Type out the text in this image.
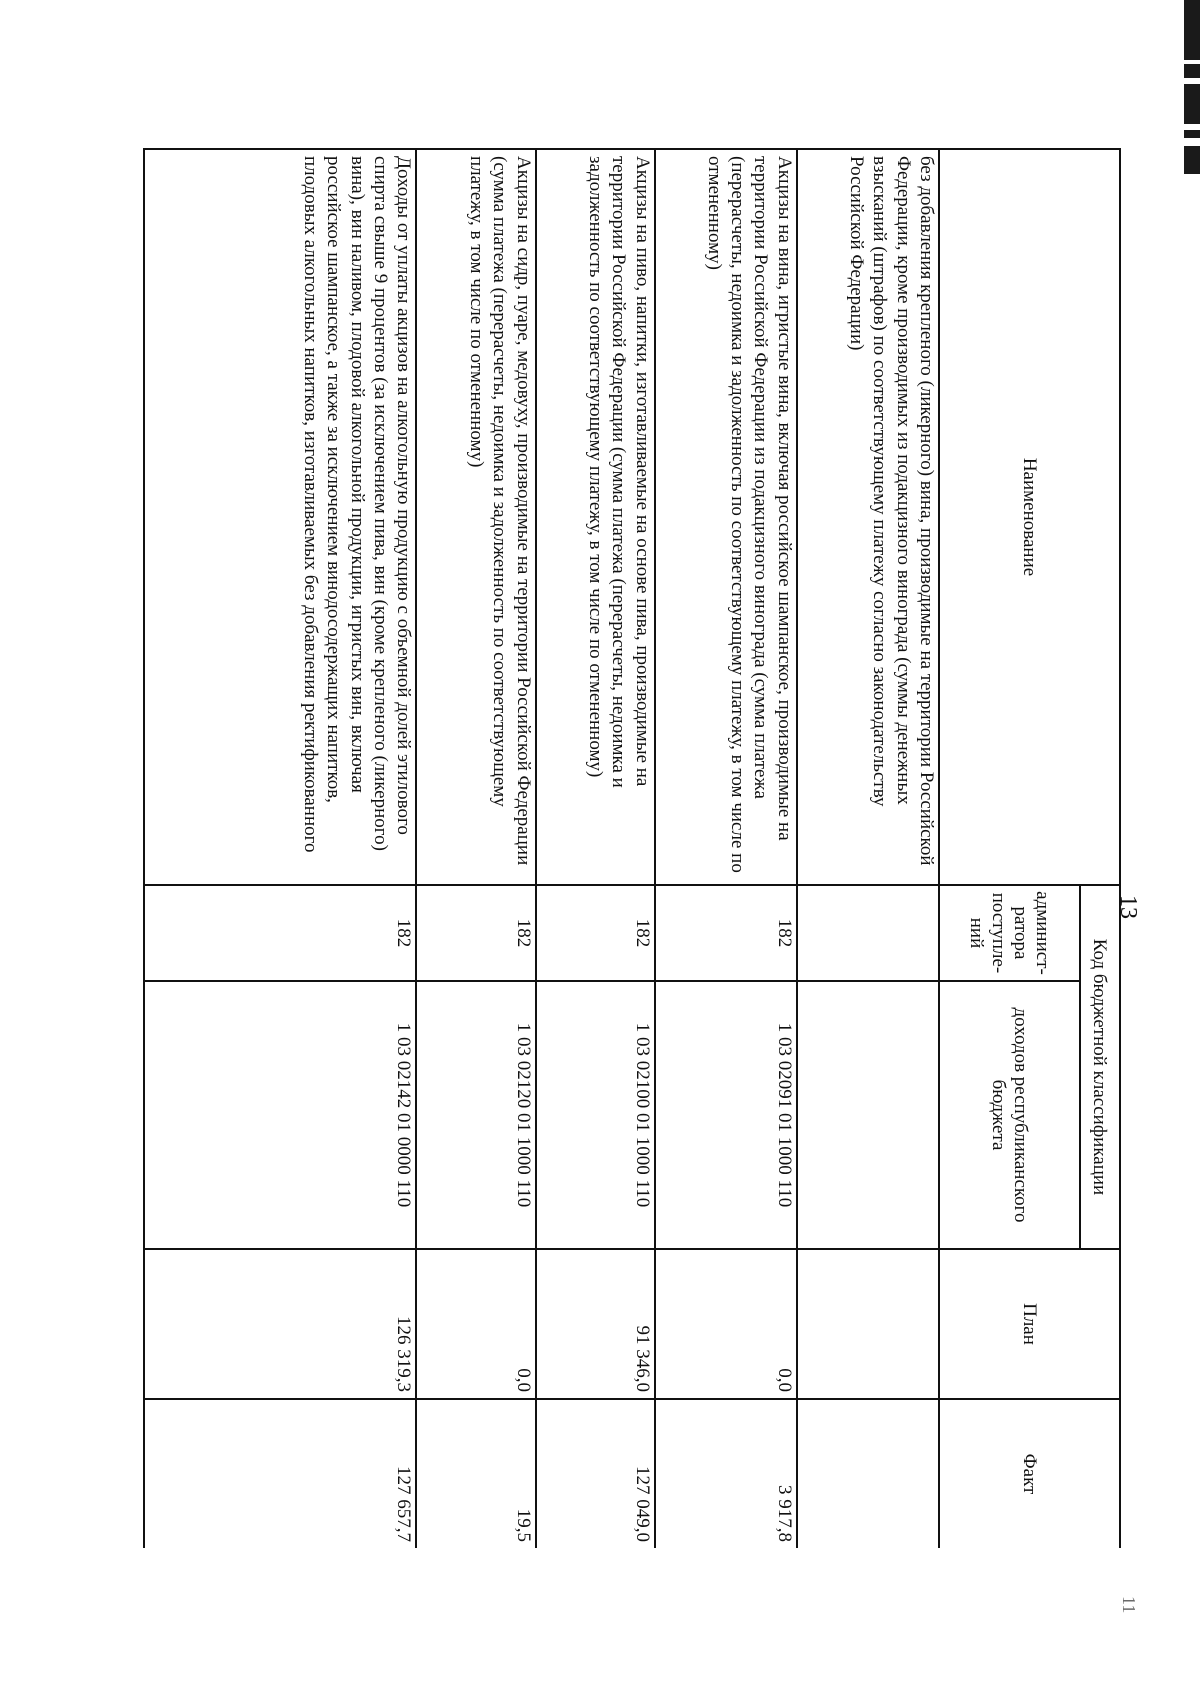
13
11
Наименование	Код бюджетной классификации		План	Факт
	админист-ратора поступле-ний	доходов республиканского бюджета		
без добавления крепленого (ликерного) вина, производимые на территории Российской Федерации, кроме производимых из подакцизного винограда (суммы денежных взысканий (штрафов) по соответствующему платежу согласно законодательству Российской Федерации)				
Акцизы на вина, игристые вина, включая российское шампанское, производимые на территории Российской Федерации из подакцизного винограда (сумма платежа (перерасчеты, недоимка и задолженность по соответствующему платежу, в том числе по отмененному)	182	1 03 02091 01 1000 110	0,0	3 917,8
Акцизы на пиво, напитки, изготавливаемые на основе пива, производимые на территории Российской Федерации (сумма платежа (перерасчеты, недоимка и задолженность по соответствующему платежу, в том числе по отмененному)	182	1 03 02100 01 1000 110	91 346,0	127 049,0
Акцизы на сидр, пуаре, медовуху, производимые на территории Российской Федерации (сумма платежа (перерасчеты, недоимка и задолженность по соответствующему платежу, в том числе по отмененному)	182	1 03 02120 01 1000 110	0,0	19,5
Доходы от уплаты акцизов на алкогольную продукцию с объемной долей этилового спирта свыше 9 процентов (за исключением пива, вин (кроме крепленого (ликерного) вина), вин наливом, плодовой алкогольной продукции, игристых вин, включая российское шампанское, а также за исключением винодосодержащих напитков, плодовых алкогольных напитков, изготавливаемых без добавления ректификованного	182	1 03 02142 01 0000 110	126 319,3	127 657,7
